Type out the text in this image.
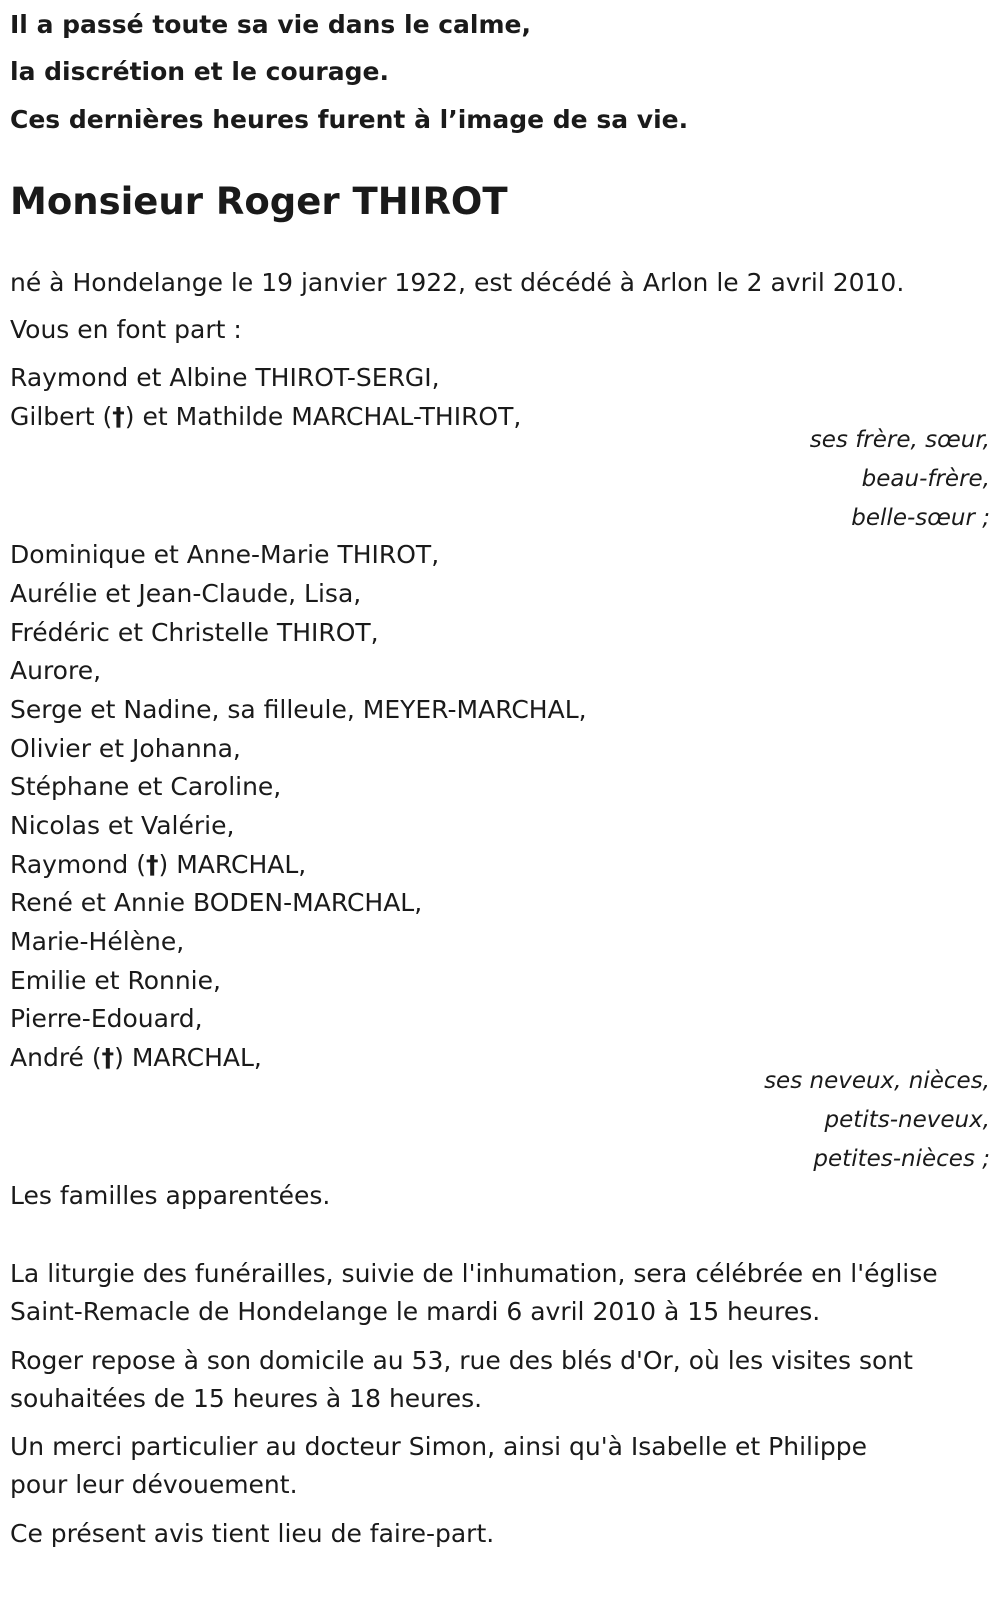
Il a passé toute sa vie dans le calme,
la discrétion et le courage.
Ces dernières heures furent à l’image de sa vie.
Monsieur Roger THIROT
né à Hondelange le 19 janvier 1922, est décédé à Arlon le 2 avril 2010.
Vous en font part :
Raymond et Albine THIROT-SERGI,
Gilbert (†) et Mathilde MARCHAL-THIROT,
ses frère, sœur,
beau-frère,
belle-sœur ;
Dominique et Anne-Marie THIROT,
Aurélie et Jean-Claude, Lisa,
Frédéric et Christelle THIROT,
Aurore,
Serge et Nadine, sa filleule, MEYER-MARCHAL,
Olivier et Johanna,
Stéphane et Caroline,
Nicolas et Valérie,
Raymond (†) MARCHAL,
René et Annie BODEN-MARCHAL,
Marie-Hélène,
Emilie et Ronnie,
Pierre-Edouard,
André (†) MARCHAL,
ses neveux, nièces,
petits-neveux,
petites-nièces ;
Les familles apparentées.
La liturgie des funérailles, suivie de l'inhumation, sera célébrée en l'église
Saint-Remacle de Hondelange le mardi 6 avril 2010 à 15 heures.
Roger repose à son domicile au 53, rue des blés d'Or, où les visites sont
souhaitées de 15 heures à 18 heures.
Un merci particulier au docteur Simon, ainsi qu'à Isabelle et Philippe
pour leur dévouement.
Ce présent avis tient lieu de faire-part.
